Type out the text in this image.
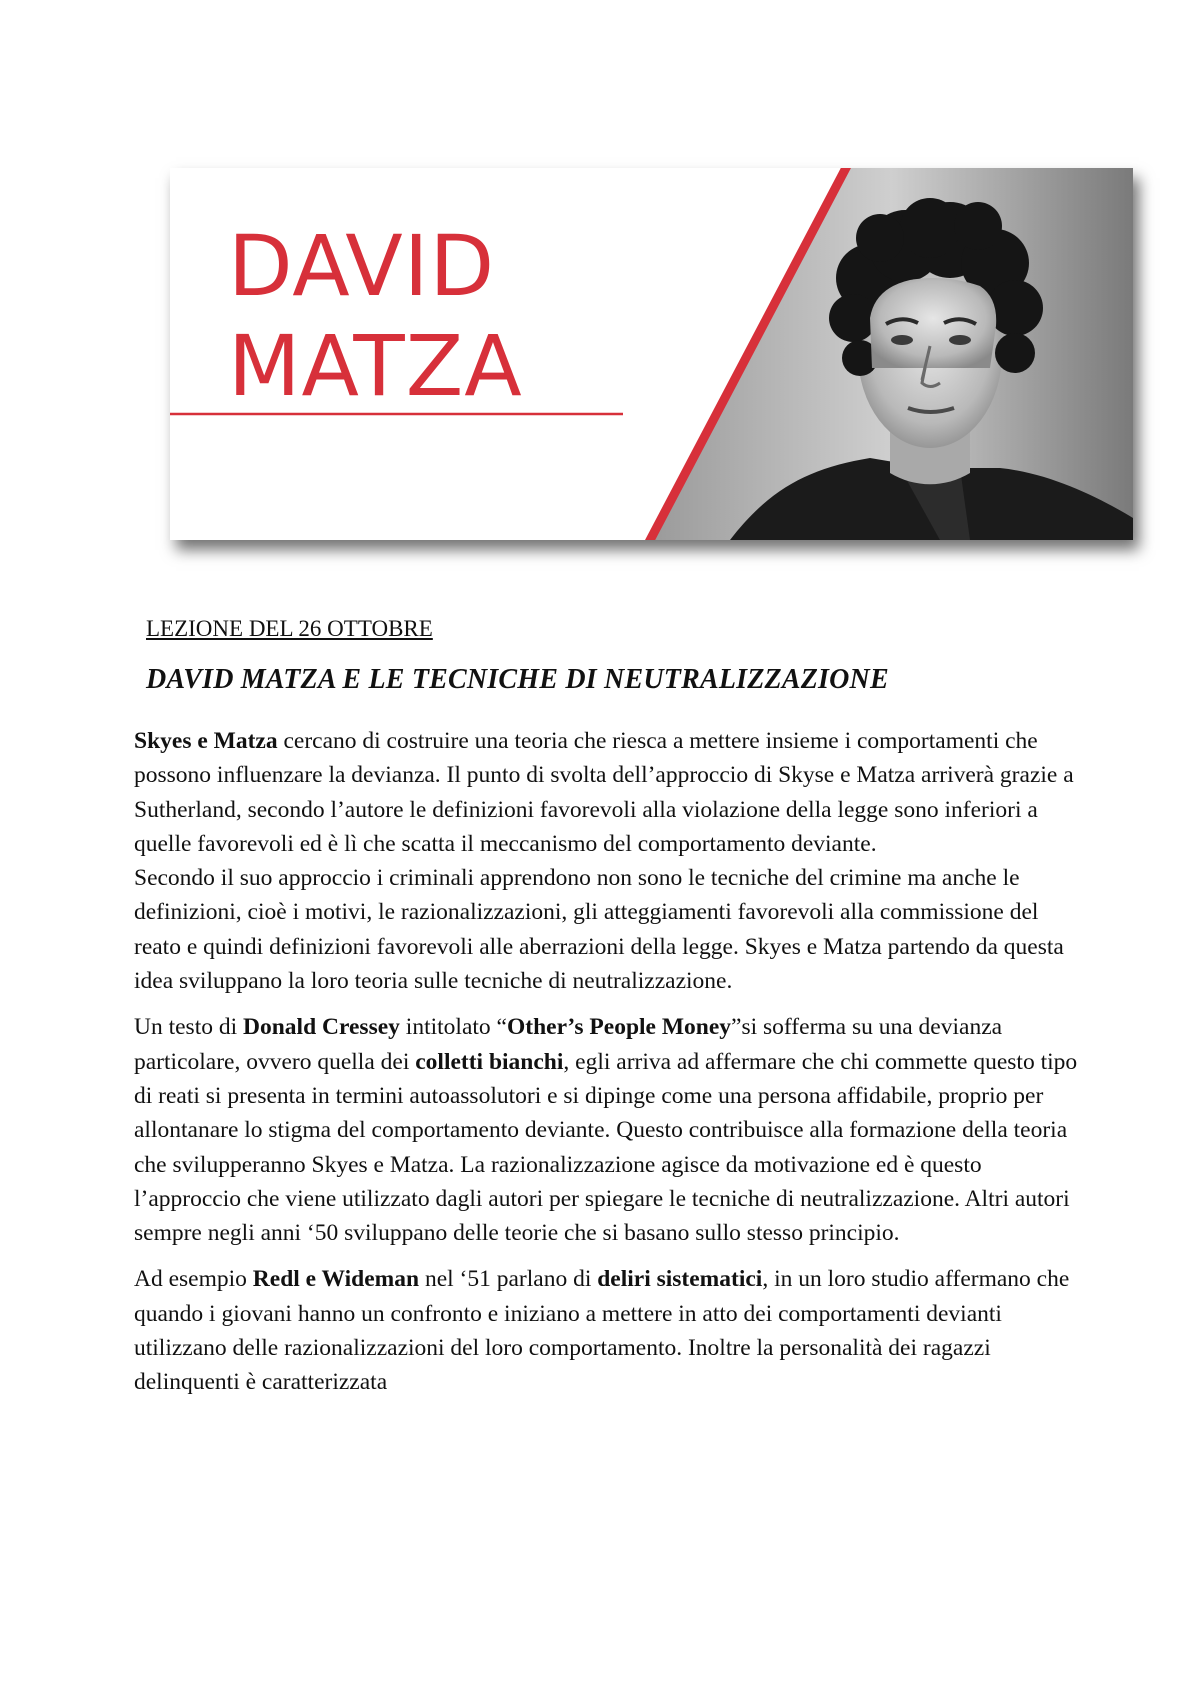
DAVID
MATZA
LEZIONE DEL 26 OTTOBRE
DAVID MATZA E LE TECNICHE DI NEUTRALIZZAZIONE

Skyes e Matza cercano di costruire una teoria che riesca a mettere insieme i comportamenti che possono influenzare la devianza. Il punto di svolta dell’approccio di Skyse e Matza arriverà grazie a Sutherland, secondo l’autore le definizioni favorevoli alla violazione della legge sono inferiori a quelle favorevoli ed è lì che scatta il meccanismo del comportamento deviante.
Secondo il suo approccio i criminali apprendono non sono le tecniche del crimine ma anche le definizioni, cioè i motivi, le razionalizzazioni, gli atteggiamenti favorevoli alla commissione del reato e quindi definizioni favorevoli alle aberrazioni della legge. Skyes e Matza partendo da questa idea sviluppano la loro teoria sulle tecniche di neutralizzazione.

Un testo di Donald Cressey intitolato “Other’s People Money”si sofferma su una devianza particolare, ovvero quella dei colletti bianchi, egli arriva ad affermare che chi commette questo tipo di reati si presenta in termini autoassolutori e si dipinge come una persona affidabile, proprio per allontanare lo stigma del comportamento deviante. Questo contribuisce alla formazione della teoria che svilupperanno Skyes e Matza. La razionalizzazione agisce da motivazione ed è questo l’approccio che viene utilizzato dagli autori per spiegare le tecniche di neutralizzazione. Altri autori sempre negli anni ‘50 sviluppano delle teorie che si basano sullo stesso principio.

Ad esempio Redl e Wideman nel ‘51 parlano di deliri sistematici, in un loro studio affermano che quando i giovani hanno un confronto e iniziano a mettere in atto dei comportamenti devianti utilizzano delle razionalizzazioni del loro comportamento. Inoltre la personalità dei ragazzi delinquenti è caratterizzata
